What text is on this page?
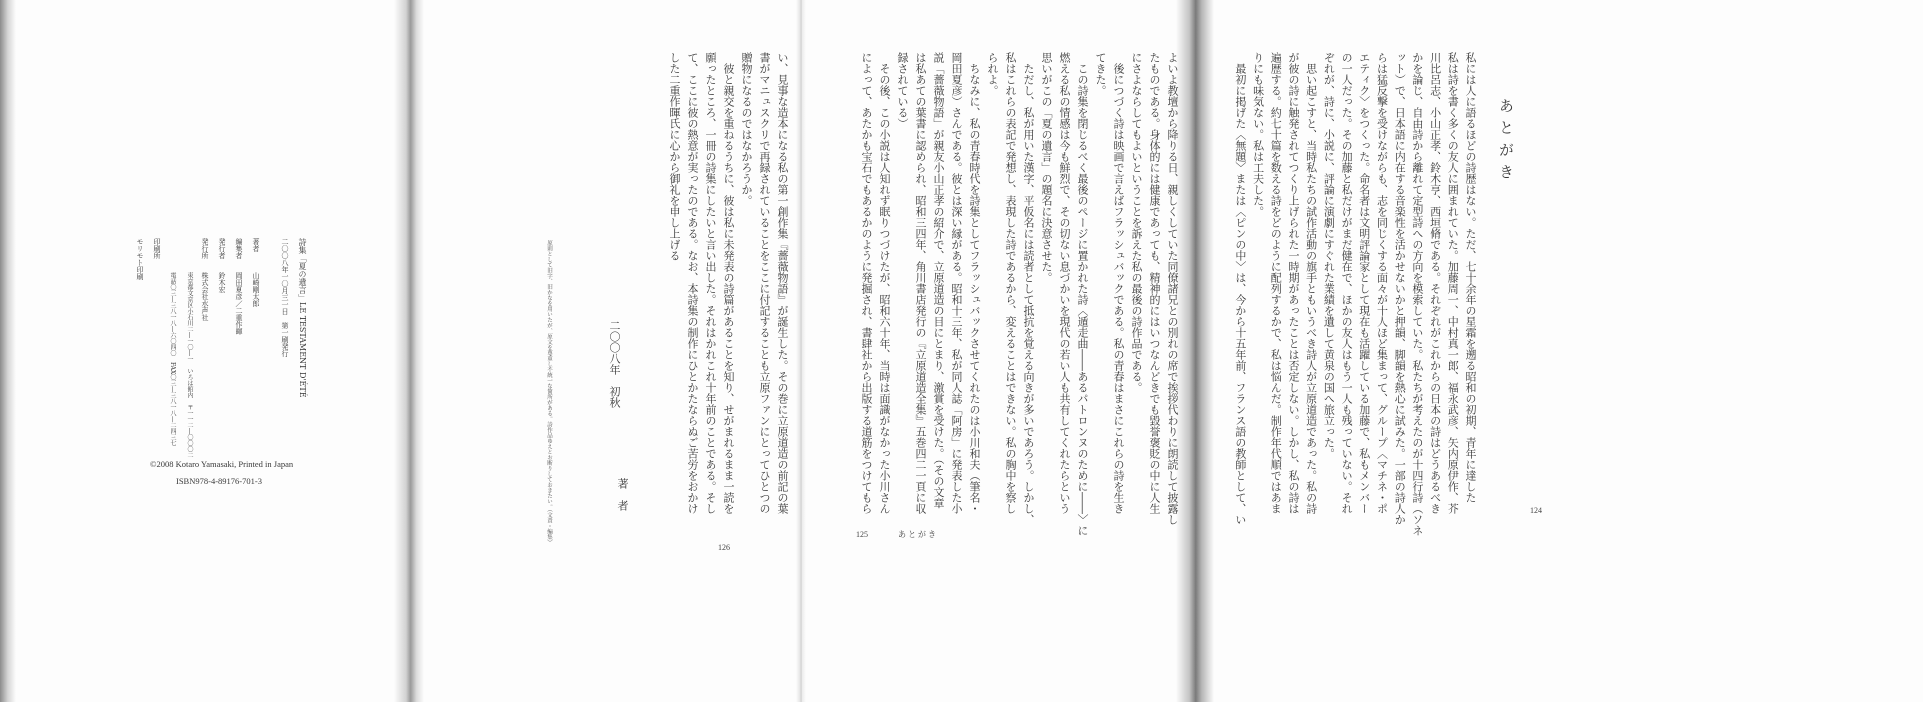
詩集「夏の遺言」LE TESTAMENT D'ÉTÉ
二〇〇八年一〇月三一日　第一刷発行
著者
山崎剛太郎
編集者
岡田夏彦／二重作暉
発行者
鈴木宏
発行所
株式会社水声社
東京都文京区小石川二―一〇―一　いろは館内　〒一一二―〇〇〇二
電話〇三―三八一八―六〇四〇　FAX〇三―三八一八―二四三七
印刷所
モリモト印刷
©2008 Kotaro Yamasaki, Printed in Japan
ISBN978-4-89176-701-3	い、見事な造本になる私の第一創作集『薔薇物語』が誕生した。その巻に立原道造の前記の葉
書がマニュスクリで再録されていることをここに付記することも立原ファンにとってひとつの
贈物になるのではなかろうか。
　彼と親交を重ねるうちに、彼は私に未発表の詩篇があることを知り、せがまれるまま一読を
願ったところ、一冊の詩集にしたいと言い出した。それはかれこれ十年前のことである。そし
て、ここに彼の熱意が実ったのである。なお、本詩集の制作にひとかたならぬご苦労をおかけ
した二重作暉氏に心から御礼を申し上げる
二〇〇八年　初秋
著　者
原則として旧字、旧かなを用いたが、原文を尊重し不統一な箇所がある。詩作品ゆえとお断りしておきたい。（文責・編集）
126
よいよ教壇から降りる日、親しくしていた同僚諸兄との別れの席で挨拶代わりに朗読して披露し
たものである。身体的には健康であっても、精神的にはいつなんどきでも毀誉褒貶の中に人生
にさよならしてもよいということを訴えた私の最後の詩作品である。
　後につづく詩は映画で言えばフラッシュバックである。私の青春はまさにこれらの詩を生き
てきた。
　この詩集を閉じるべく最後のページに置かれた詩〈遁走曲――あるパトロンヌのために――〉に
燃える私の情感は今も鮮烈で、その切ない息づかいを現代の若い人も共有してくれたらという
思いがこの「夏の遺言」の題名に決意させた。
　ただし、私が用いた漢字、平仮名には読者として抵抗を覚える向きが多いであろう。しかし、
私はこれらの表記で発想し、表現した詩であるから、変えることはできない。私の胸中を察し
られよ。
　ちなみに、私の青春時代を詩集としてフラッシュバックさせてくれたのは小川和夫（筆名・
岡田夏彦）さんである。彼とは深い縁がある。昭和十三年、私が同人誌「阿房」に発表した小
説「薔薇物語」が親友小山正孝の紹介で、立原道造の目にとまり、激賞を受けた。（その文章
は私あての葉書に認められ、昭和三四年、角川書店発行の『立原道造全集』五巻四二一頁に収
録されている）
　その後、この小説は人知れず眠りつづけたが、昭和六十年、当時は面識がなかった小川さん
によって、あたかも宝石でもあるかのように発掘され、書肆社から出版する道筋をつけてもら
125	あとがき
あとがき
私には人に語るほどの詩歴はない。ただ、七十余年の星霜を遡る昭和の初期、青年に達した
私は詩を書く多くの友人に囲まれていた。加藤周一、中村真一郎、福永武彦、矢内原伊作、芥
川比呂志、小山正孝、鈴木亨、西垣脩である。それぞれがこれからの日本の詩はどうあるべき
かを論じ、自由詩から離れて定型詩への方向を模索していた。私たちが考えたのが十四行詩（ソネ
ット）で、日本語に内在する音楽性を活かせないかと押韻、脚韻を熱心に試みた。一部の詩人か
らは猛反撃を受けながらも、志を同じくする面々が十人ほど集まって、グループ〈マチネ・ポ
エティク〉をつくった。命名者は文明評論家として現在も活躍している加藤で、私もメンバー
の一人だった。その加藤と私だけがまだ健在で、ほかの友人はもう一人も残っていない。それ
ぞれが、詩に、小説に、評論に演劇にすぐれた業績を遺して黄泉の国へ旅立った。
　思い起こすと、当時私たちの試作活動の旗手ともいうべき詩人が立原道造であった。私の詩
が彼の詩に触発されてつくり上げられた一時期があったことは否定しない。しかし、私の詩は
遍歴する。約七十篇を数える詩をどのように配列するかで、私は悩んだ。制作年代順ではあま
りにも味気ない。私は工夫した。
　最初に掲げた〈無題〉または〈ピンの中〉は、今から十五年前、フランス語の教師として、い	124
